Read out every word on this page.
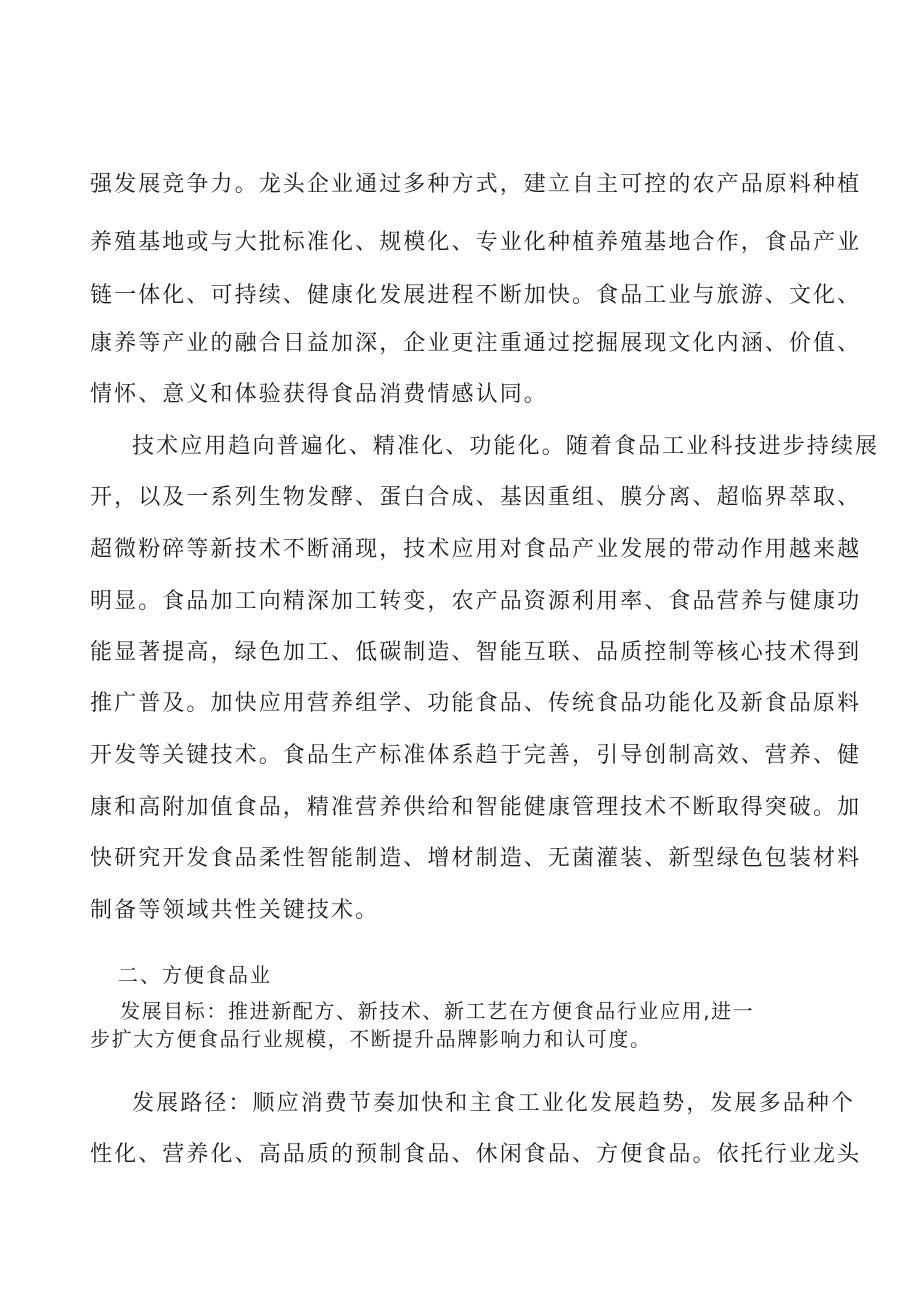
强发展竞争力。龙头企业通过多种方式，建立自主可控的农产品原料种植

养殖基地或与大批标准化、规模化、专业化种植养殖基地合作，食品产业

链一体化、可持续、健康化发展进程不断加快。食品工业与旅游、文化、

康养等产业的融合日益加深，企业更注重通过挖掘展现文化内涵、价值、

情怀、意义和体验获得食品消费情感认同。

技术应用趋向普遍化、精准化、功能化。随着食品工业科技进步持续展

开，以及一系列生物发酵、蛋白合成、基因重组、膜分离、超临界萃取、

超微粉碎等新技术不断涌现，技术应用对食品产业发展的带动作用越来越

明显。食品加工向精深加工转变，农产品资源利用率、食品营养与健康功

能显著提高，绿色加工、低碳制造、智能互联、品质控制等核心技术得到

推广普及。加快应用营养组学、功能食品、传统食品功能化及新食品原料

开发等关键技术。食品生产标准体系趋于完善，引导创制高效、营养、健

康和高附加值食品，精准营养供给和智能健康管理技术不断取得突破。加

快研究开发食品柔性智能制造、增材制造、无菌灌装、新型绿色包装材料

制备等领域共性关键技术。

二、方便食品业

发展目标：推进新配方、新技术、新工艺在方便食品行业应用,进一

步扩大方便食品行业规模，不断提升品牌影响力和认可度。

发展路径：顺应消费节奏加快和主食工业化发展趋势，发展多品种个

性化、营养化、高品质的预制食品、休闲食品、方便食品。依托行业龙头
